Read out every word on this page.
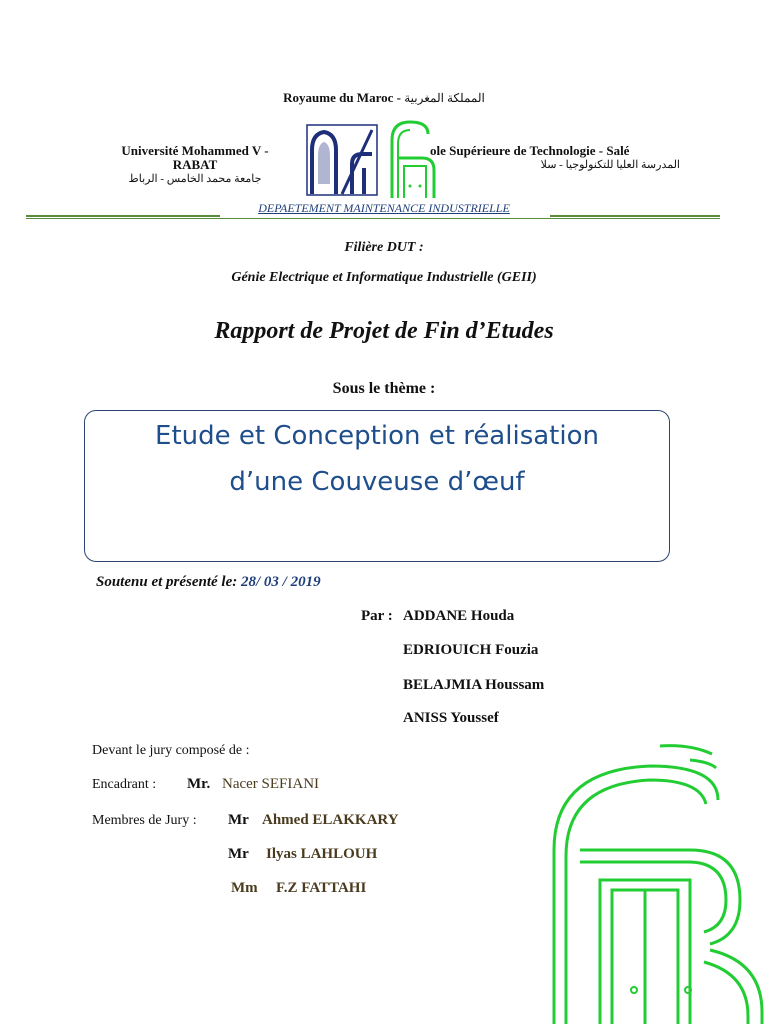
Royaume du Maroc - المملكة المغربية
Université Mohammed V -
RABAT
جامعة محمد الخامس - الرباط
ole Supérieure de Technologie - Salé
المدرسة العليا للتكنولوجيا - سلا
DEPAETEMENT MAINTENANCE INDUSTRIELLE
Filière DUT :
Génie Electrique et Informatique Industrielle (GEII)
Rapport de Projet de Fin d’Etudes
Sous le thème :
Etude et Conception et réalisation
d’une Couveuse d’œuf
Soutenu et présenté le: 28/ 03 / 2019
Par : ADDANE Houda
EDRIOUICH Fouzia
BELAJMIA Houssam
ANISS Youssef
Devant le jury composé de :
Encadrant : Mr. Nacer SEFIANI
Membres de Jury : Mr Ahmed ELAKKARY
Mr Ilyas LAHLOUH
Mm F.Z FATTAHI
